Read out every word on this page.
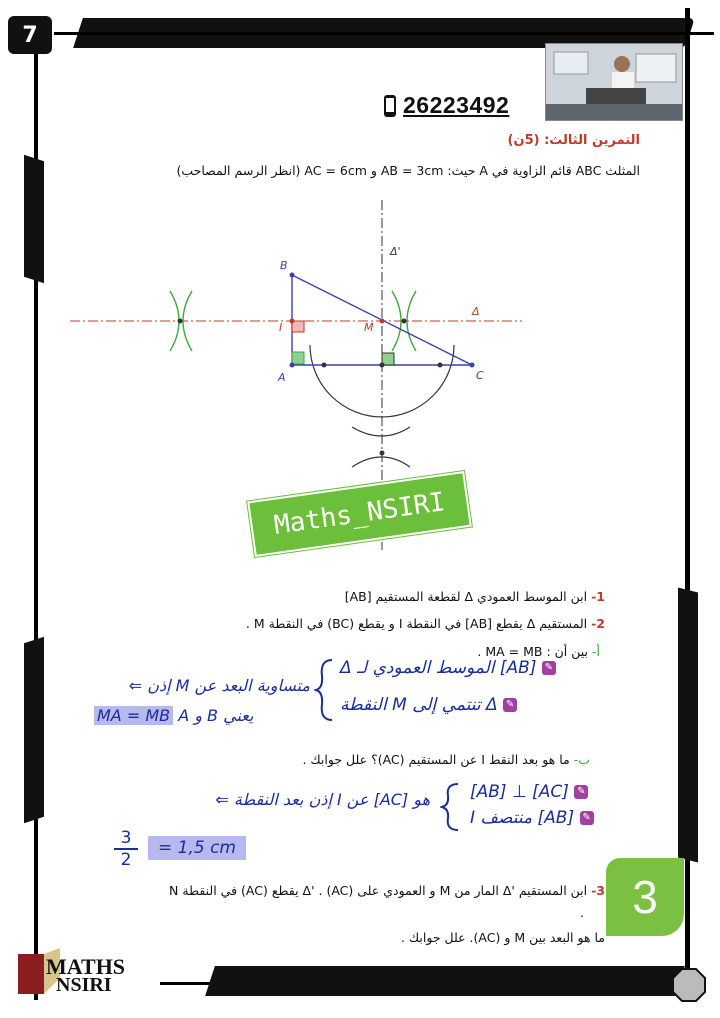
7
26223492
التمرين الثالث: (5ن)
المثلث ABC قائم الزاوية في A حيث: AB = 3cm و AC = 6cm (انظر الرسم المصاحب)
B
I
A	C
M
Δ
Δ'
Maths_NSIRI
1- ابن الموسط العمودي Δ لقطعة المستقيم [AB]
2- المستقيم Δ يقطع [AB] في النقطة I و يقطع (BC) في النقطة M .
أ- بين أن : MA = MB .
Δ الموسط العمودي لـ [AB] ✎
النقطة M تنتمي إلى Δ ✎
⇐ إذن M متساوية البعد عن
MA = MB A و B يعني
ب- ما هو بعد النقط I عن المستقيم (AC)؟ علل جوابك .
[AB] ⊥ [AC] ✎
I منتصف [AB] ✎
⇐ إذن بعد النقطة I عن [AC] هو
3
2
= 1,5 cm
3- ابن المستقيم 'Δ المار من M و العمودي على (AC) . 'Δ يقطع (AC) في النقطة N
.
ما هو البعد بين M و (AC). علل جوابك .
3
MATHS
NSIRI
